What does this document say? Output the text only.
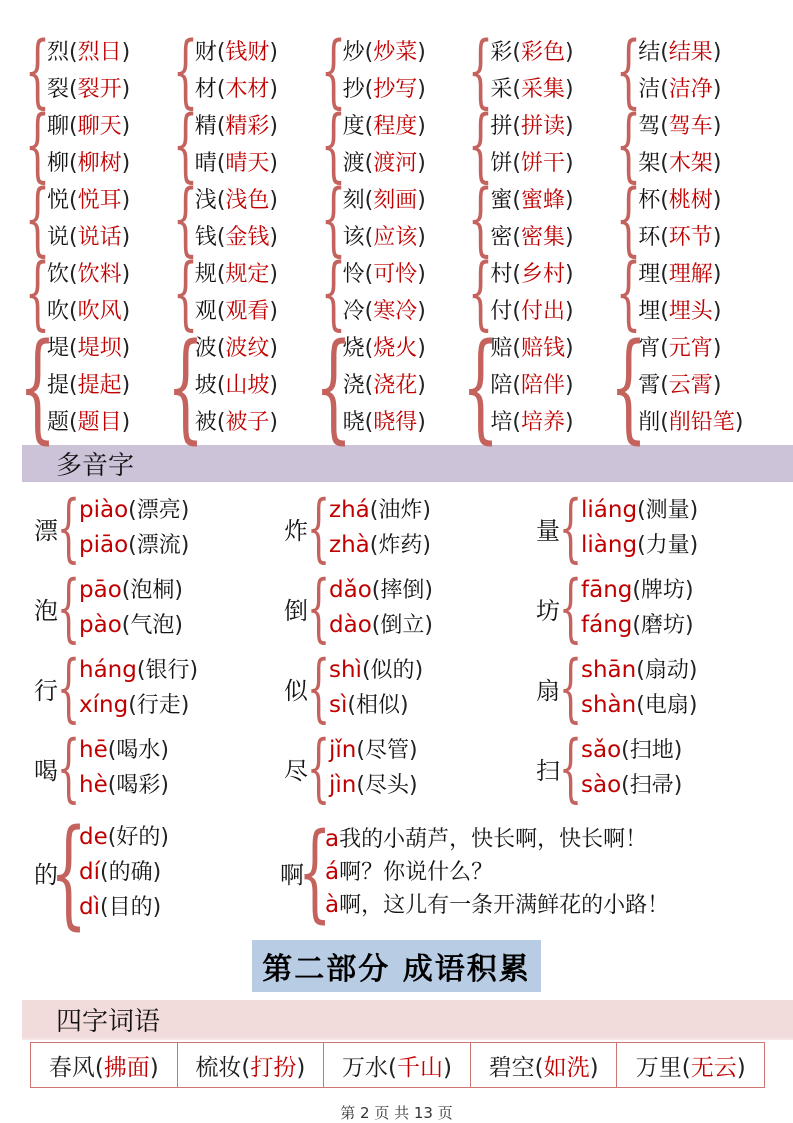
{
烈 ( 烈日 )
裂 ( 裂开 )
{
财 ( 钱财 )
材 ( 木材 )
{
炒 ( 炒菜 )
抄 ( 抄写 )
{
彩 ( 彩色 )
采 ( 采集 )
{
结 ( 结果 )
洁 ( 洁净 )
{
聊 ( 聊天 )
柳 ( 柳树 )
{
精 ( 精彩 )
晴 ( 晴天 )
{
度 ( 程度 )
渡 ( 渡河 )
{
拼 ( 拼读 )
饼 ( 饼干 )
{
驾 ( 驾车 )
架 ( 木架 )
{
悦 ( 悦耳 )
说 ( 说话 )
{
浅 ( 浅色 )
钱 ( 金钱 )
{
刻 ( 刻画 )
该 ( 应该 )
{
蜜 ( 蜜蜂 )
密 ( 密集 )
{
杯 ( 桃树 )
环 ( 环节 )
{
饮 ( 饮料 )
吹 ( 吹风 )
{
规 ( 规定 )
观 ( 观看 )
{
怜 ( 可怜 )
冷 ( 寒冷 )
{
村 ( 乡村 )
付 ( 付出 )
{
理 ( 理解 )
埋 ( 埋头 )
{
堤 ( 堤坝 )
提 ( 提起 )
题 ( 题目 )
{
波 ( 波纹 )
坡 ( 山坡 )
被 ( 被子 )
{
烧 ( 烧火 )
浇 ( 浇花 )
晓 ( 晓得 )
{
赔 ( 赔钱 )
陪 ( 陪伴 )
培 ( 培养 )
{
宵 ( 元宵 )
霄 ( 云霄 )
削 ( 削铅笔 )
多音字
漂
{
piào ( 漂亮 )
piāo ( 漂流 )
炸
{
zhá ( 油炸 )
zhà ( 炸药 )
量
{
liáng ( 测量 )
liàng ( 力量 )
泡
{
pāo ( 泡桐 )
pào ( 气泡 )
倒
{
dǎo ( 摔倒 )
dào ( 倒立 )
坊
{
fāng ( 牌坊 )
fáng ( 磨坊 )
行
{
háng ( 银行 )
xíng ( 行走 )
似
{
shì ( 似的 )
sì ( 相似 )
扇
{
shān ( 扇动 )
shàn ( 电扇 )
喝
{
hē ( 喝水 )
hè ( 喝彩 )
尽
{
jǐn ( 尽管 )
jìn ( 尽头 )
扫
{
sǎo ( 扫地 )
sào ( 扫帚 )
的
{
de ( 好的 )
dí ( 的确 )
dì ( 目的 )
啊
{
a我的小葫芦，快长啊，快长啊！
á啊？你说什么？
à啊，这儿有一条开满鲜花的小路！
第二部分 成语积累
四字词语
春风 ( 拂面 )	梳妆 ( 打扮 )	万水 ( 千山 )	碧空 ( 如洗 )	万里 ( 无云 )
第 2 页 共 13 页
